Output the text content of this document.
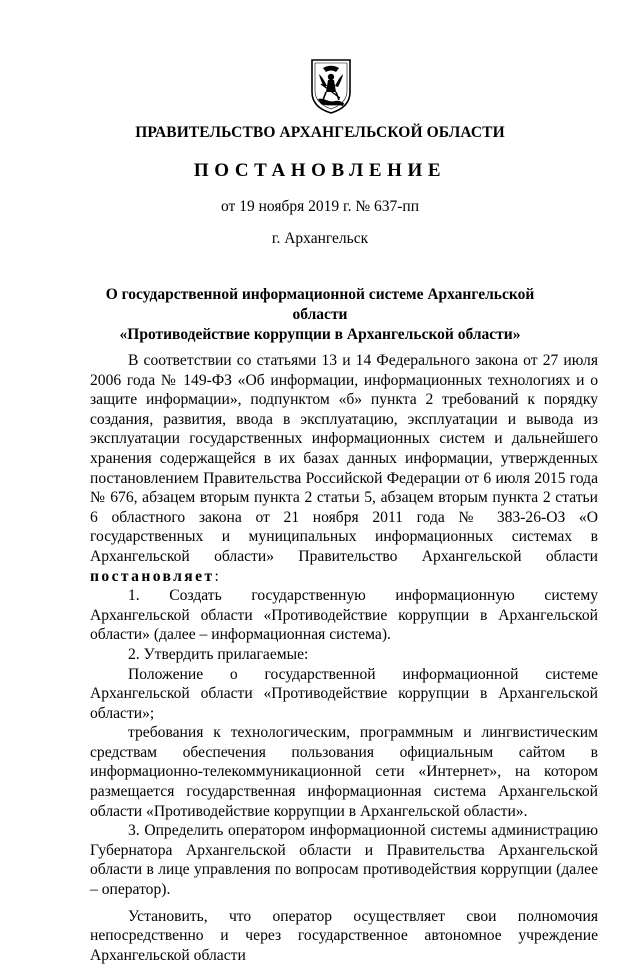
ПРАВИТЕЛЬСТВО АРХАНГЕЛЬСКОЙ ОБЛАСТИ
ПОСТАНОВЛЕНИЕ
от 19 ноября 2019 г. № 637-пп
г. Архангельск
О государственной информационной системе Архангельской области
«Противодействие коррупции в Архангельской области»

В соответствии со статьями 13 и 14 Федерального закона от 27 июля 2006 года № 149-ФЗ «Об информации, информационных технологиях и о защите информации», подпунктом «б» пункта 2 требований к порядку создания, развития, ввода в эксплуатацию, эксплуатации и вывода из эксплуатации государственных информационных систем и дальнейшего хранения содержащейся в их базах данных информации, утвержденных постановлением Правительства Российской Федерации от 6 июля 2015 года № 676, абзацем вторым пункта 2 статьи 5, абзацем вторым пункта 2 статьи 6 областного закона от 21 ноября 2011 года № 383-26-ОЗ «О государственных и муниципальных информационных системах в Архангельской области» Правительство Архангельской области постановляет:

1. Создать государственную информационную систему Архангельской области «Противодействие коррупции в Архангельской области» (далее – информационная система).

2. Утвердить прилагаемые:

Положение о государственной информационной системе Архангельской области «Противодействие коррупции в Архангельской области»;

требования к технологическим, программным и лингвистическим средствам обеспечения пользования официальным сайтом в информационно-телекоммуникационной сети «Интернет», на котором размещается государственная информационная система Архангельской области «Противодействие коррупции в Архангельской области».

3. Определить оператором информационной системы администрацию Губернатора Архангельской области и Правительства Архангельской области в лице управления по вопросам противодействия коррупции (далее – оператор).

Установить, что оператор осуществляет свои полномочия непосредственно и через государственное автономное учреждение Архангельской области
